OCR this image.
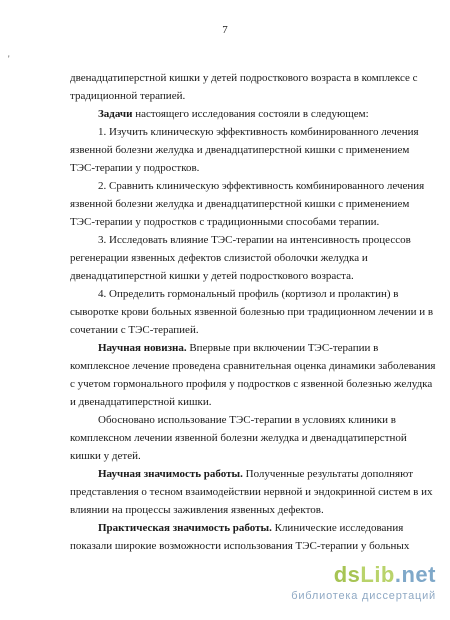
7
'
двенадцатиперстной кишки у детей подросткового возраста в комплексе с
традиционной терапией.
Задачи настоящего исследования состояли в следующем:
1. Изучить клиническую эффективность комбинированного лечения
язвенной болезни желудка и двенадцатиперстной кишки с применением
ТЭС-терапии у подростков.
2. Сравнить клиническую эффективность комбинированного лечения
язвенной болезни желудка и двенадцатиперстной кишки с применением
ТЭС-терапии у подростков с традиционными способами терапии.
3. Исследовать влияние ТЭС-терапии на интенсивность процессов
регенерации язвенных дефектов слизистой оболочки желудка и
двенадцатиперстной кишки у детей подросткового возраста.
4. Определить гормональный профиль (кортизол и пролактин) в
сыворотке крови больных язвенной болезнью при традиционном лечении и в
сочетании с ТЭС-терапией.
Научная новизна. Впервые при включении ТЭС-терапии в
комплексное лечение проведена сравнительная оценка динамики заболевания
с учетом гормонального профиля у подростков с язвенной болезнью желудка
и двенадцатиперстной кишки.
Обосновано использование ТЭС-терапии в условиях клиники в
комплексном лечении язвенной болезни желудка и двенадцатиперстной
кишки у детей.
Научная значимость работы. Полученные результаты дополняют
представления о тесном взаимодействии нервной и эндокринной систем в их
влиянии на процессы заживления язвенных дефектов.
Практическая значимость работы. Клинические исследования
показали широкие возможности использования ТЭС-терапии у больных
dsLib.net
библиотека диссертаций
